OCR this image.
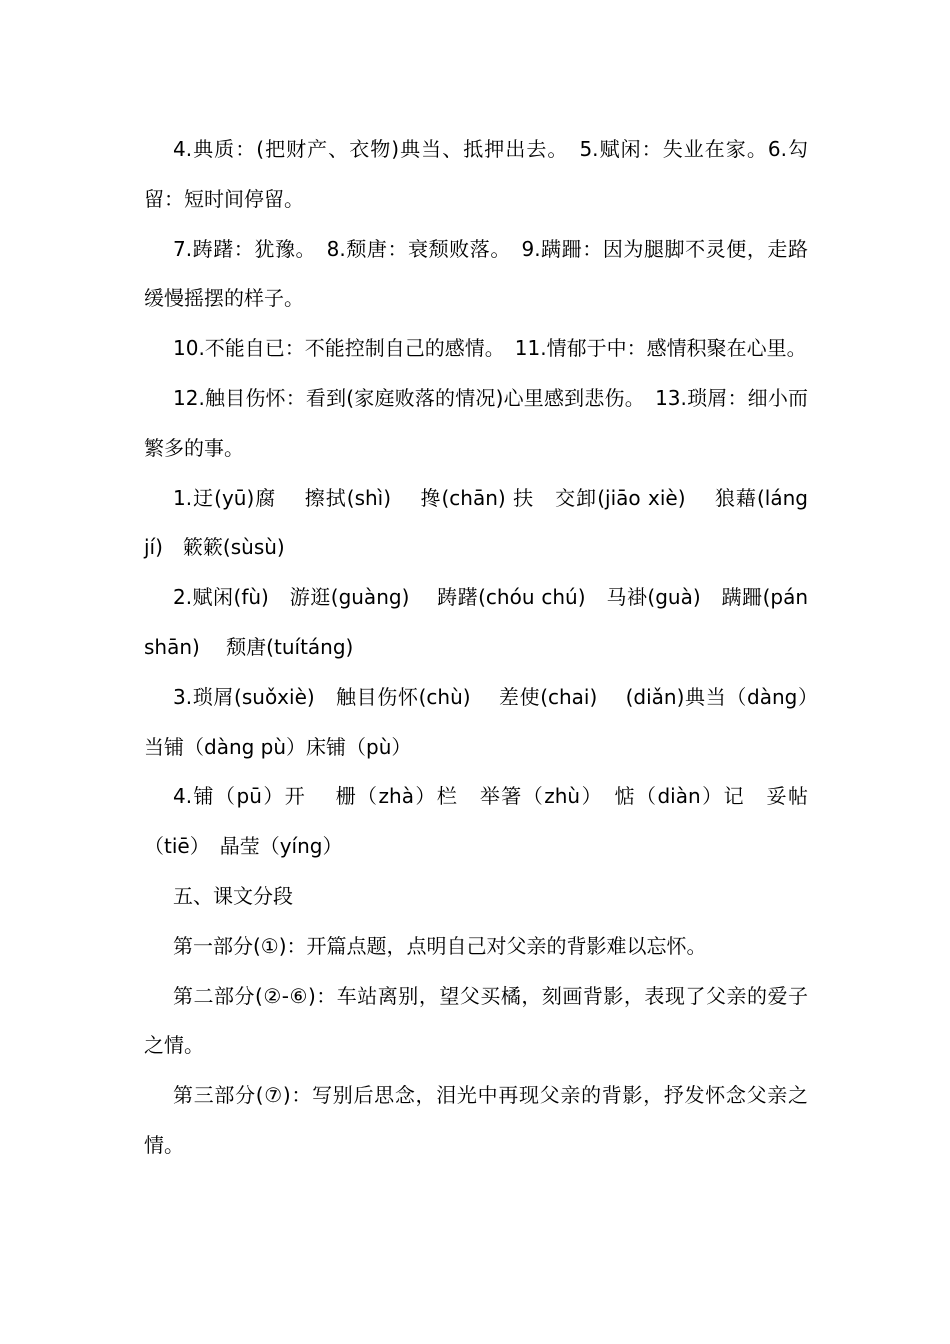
4.典质：(把财产、衣物)典当、抵押出去。　5.赋闲：失业在家。6.勾留：短时间停留。

7.踌躇：犹豫。　8.颓唐：衰颓败落。　9.蹒跚：因为腿脚不灵便，走路缓慢摇摆的样子。

10.不能自已：不能控制自己的感情。　11.情郁于中：感情积聚在心里。

12.触目伤怀：看到(家庭败落的情况)心里感到悲伤。　13.琐屑：细小而繁多的事。

1.迂(yū)腐　 擦拭(shì)　 搀(chān) 扶　交卸(jiāo xiè)　 狼藉(láng jí)　簌簌(sùsù)

2.赋闲(fù)　游逛(guàng)　 踌躇(chóu chú)　马褂(guà)　蹒跚(pán shān)　 颓唐(tuítáng)

3.琐屑(suǒxiè)　触目伤怀(chù)　 差使(chai)　 (diǎn)典当（dàng）　当铺（dàng pù）床铺（pù）

4.铺（pū）开　 栅（zhà）栏　举箸（zhù）　惦（diàn）记　妥帖（tiē）　晶莹（yíng）

五、课文分段

第一部分(①)：开篇点题，点明自己对父亲的背影难以忘怀。

第二部分(②-⑥)：车站离别，望父买橘，刻画背影，表现了父亲的爱子之情。

第三部分(⑦)：写别后思念，泪光中再现父亲的背影，抒发怀念父亲之情。
